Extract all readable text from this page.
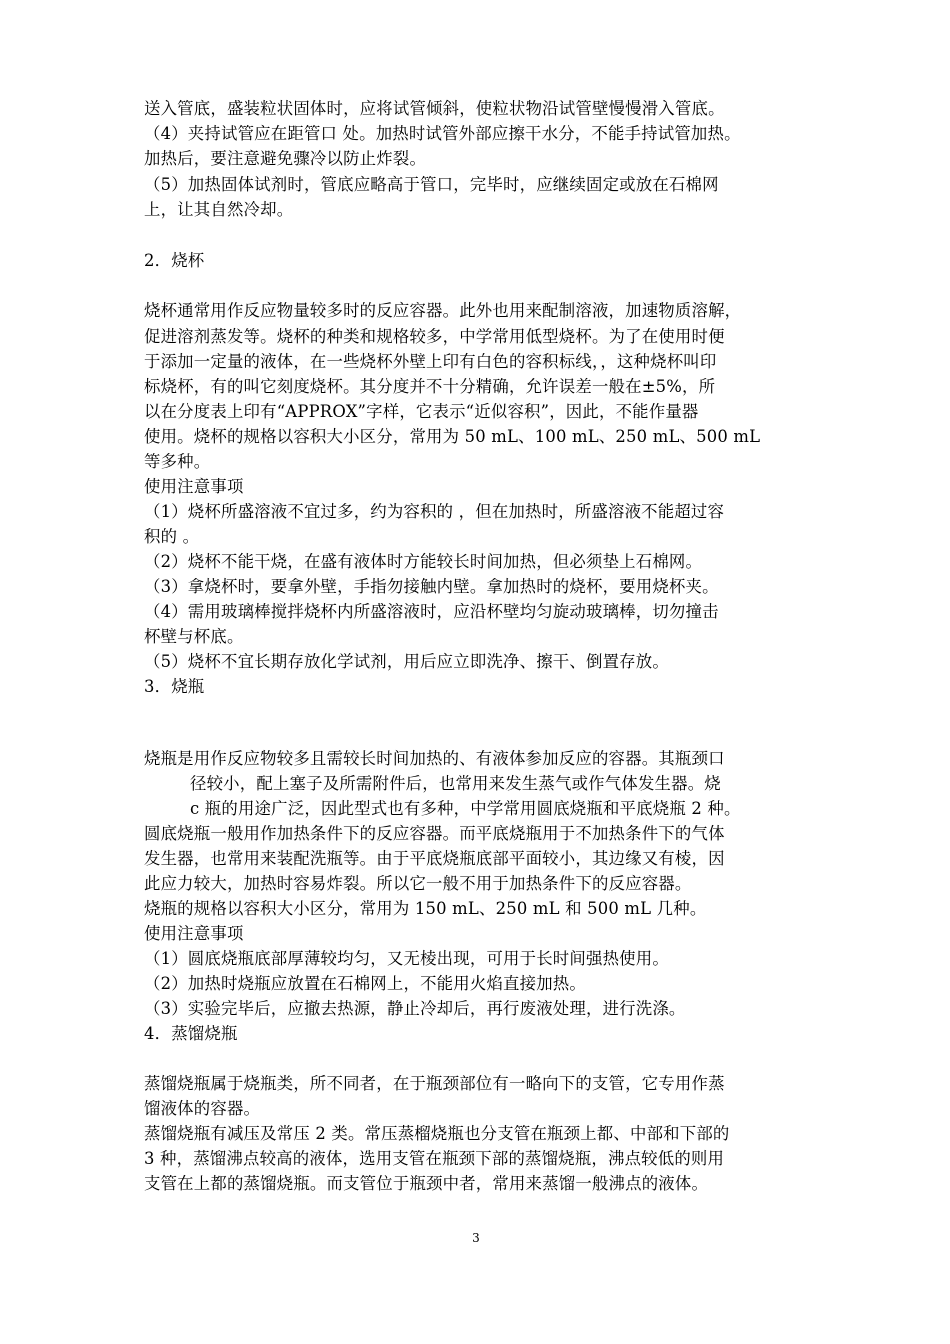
送入管底，盛装粒状固体时，应将试管倾斜，使粒状物沿试管壁慢慢滑入管底。
（4）夹持试管应在距管口 处。加热时试管外部应擦干水分，不能手持试管加热。
加热后，要注意避免骤冷以防止炸裂。
（5）加热固体试剂时，管底应略高于管口，完毕时，应继续固定或放在石棉网
上，让其自然冷却。
2．烧杯
烧杯通常用作反应物量较多时的反应容器。此外也用来配制溶液，加速物质溶解，
促进溶剂蒸发等。烧杯的种类和规格较多，中学常用低型烧杯。为了在使用时便
于添加一定量的液体，在一些烧杯外壁上印有白色的容积标线，，这种烧杯叫印
标烧杯，有的叫它刻度烧杯。其分度并不十分精确，允许误差一般在±5%，所
以在分度表上印有“APPROX”字样，它表示“近似容积”，因此，不能作量器
使用。烧杯的规格以容积大小区分，常用为 50 mL、100 mL、250 mL、500 mL
等多种。
使用注意事项
（1）烧杯所盛溶液不宜过多，约为容积的 ，但在加热时，所盛溶液不能超过容
积的 。
（2）烧杯不能干烧，在盛有液体时方能较长时间加热，但必须垫上石棉网。
（3）拿烧杯时，要拿外壁，手指勿接触内壁。拿加热时的烧杯，要用烧杯夹。
（4）需用玻璃棒搅拌烧杯内所盛溶液时，应沿杯壁均匀旋动玻璃棒，切勿撞击
杯壁与杯底。
（5）烧杯不宜长期存放化学试剂，用后应立即洗净、擦干、倒置存放。
3．烧瓶
烧瓶是用作反应物较多且需较长时间加热的、有液体参加反应的容器。其瓶颈口
径较小，配上塞子及所需附件后，也常用来发生蒸气或作气体发生器。烧
c 瓶的用途广泛，因此型式也有多种，中学常用圆底烧瓶和平底烧瓶 2 种。
圆底烧瓶一般用作加热条件下的反应容器。而平底烧瓶用于不加热条件下的气体
发生器，也常用来装配洗瓶等。由于平底烧瓶底部平面较小，其边缘又有棱，因
此应力较大，加热时容易炸裂。所以它一般不用于加热条件下的反应容器。
烧瓶的规格以容积大小区分，常用为 150 mL、250 mL 和 500 mL 几种。
使用注意事项
（1）圆底烧瓶底部厚薄较均匀，又无棱出现，可用于长时间强热使用。
（2）加热时烧瓶应放置在石棉网上，不能用火焰直接加热。
（3）实验完毕后，应撤去热源，静止冷却后，再行废液处理，进行洗涤。
4．蒸馏烧瓶
蒸馏烧瓶属于烧瓶类，所不同者，在于瓶颈部位有一略向下的支管，它专用作蒸
馏液体的容器。
蒸馏烧瓶有减压及常压 2 类。常压蒸榴烧瓶也分支管在瓶颈上都、中部和下部的
3 种，蒸馏沸点较高的液体，选用支管在瓶颈下部的蒸馏烧瓶，沸点较低的则用
支管在上都的蒸馏烧瓶。而支管位于瓶颈中者，常用来蒸馏一般沸点的液体。
3
